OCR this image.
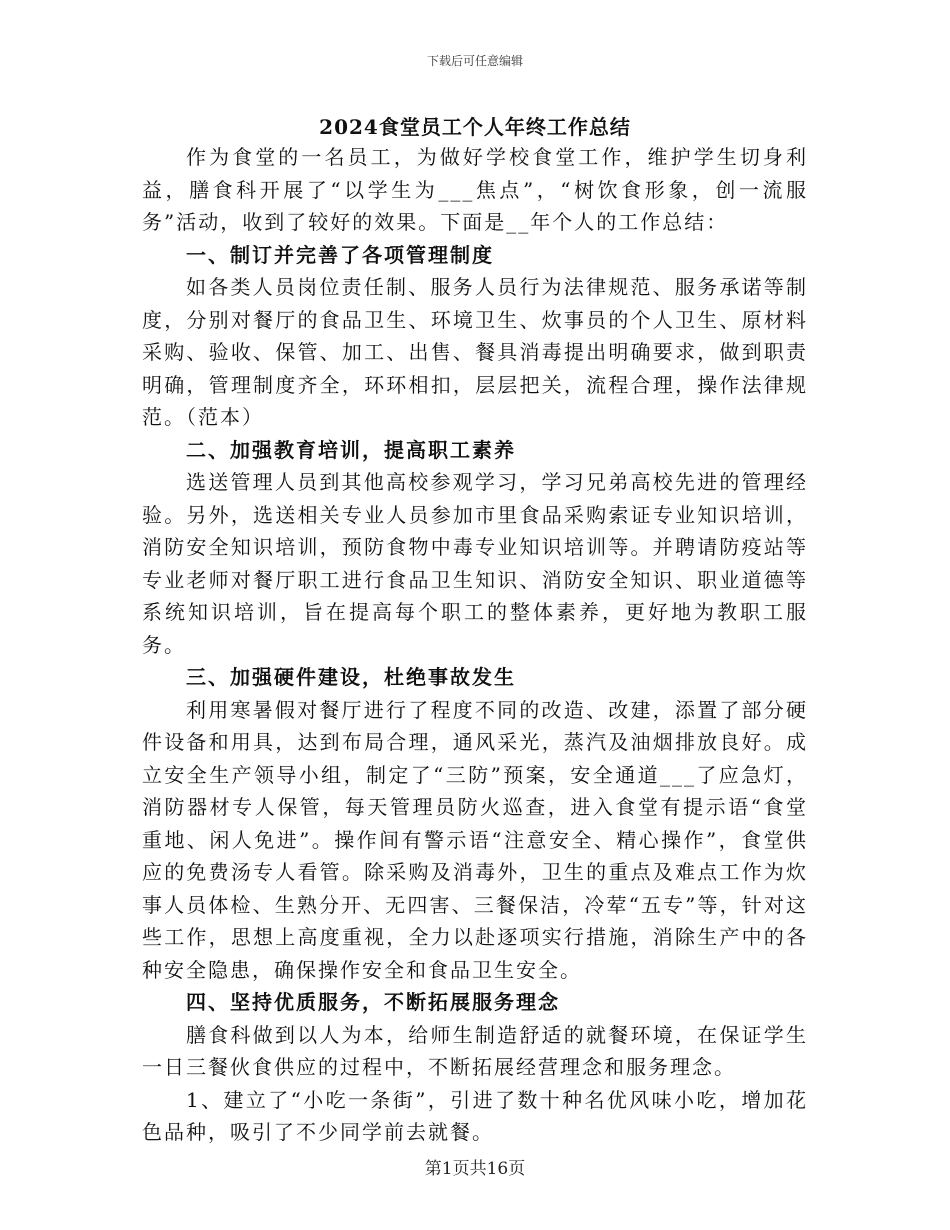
下载后可任意编辑
2024食堂员工个人年终工作总结

作为食堂的一名员工，为做好学校食堂工作，维护学生切身利益，膳食科开展了“以学生为___焦点”，“树饮食形象，创一流服务”活动，收到了较好的效果。下面是__年个人的工作总结：

一、制订并完善了各项管理制度

如各类人员岗位责任制、服务人员行为法律规范、服务承诺等制度，分别对餐厅的食品卫生、环境卫生、炊事员的个人卫生、原材料采购、验收、保管、加工、出售、餐具消毒提出明确要求，做到职责明确，管理制度齐全，环环相扣，层层把关，流程合理，操作法律规范。（范本）

二、加强教育培训，提高职工素养

选送管理人员到其他高校参观学习，学习兄弟高校先进的管理经验。另外，选送相关专业人员参加市里食品采购索证专业知识培训，消防安全知识培训，预防食物中毒专业知识培训等。并聘请防疫站等专业老师对餐厅职工进行食品卫生知识、消防安全知识、职业道德等系统知识培训，旨在提高每个职工的整体素养，更好地为教职工服务。

三、加强硬件建设，杜绝事故发生

利用寒暑假对餐厅进行了程度不同的改造、改建，添置了部分硬件设备和用具，达到布局合理，通风采光，蒸汽及油烟排放良好。成立安全生产领导小组，制定了“三防”预案，安全通道___了应急灯，消防器材专人保管，每天管理员防火巡查，进入食堂有提示语“食堂重地、闲人免进”。操作间有警示语“注意安全、精心操作”，食堂供应的免费汤专人看管。除采购及消毒外，卫生的重点及难点工作为炊事人员体检、生熟分开、无四害、三餐保洁，冷荤“五专”等，针对这些工作，思想上高度重视，全力以赴逐项实行措施，消除生产中的各种安全隐患，确保操作安全和食品卫生安全。

四、坚持优质服务，不断拓展服务理念

膳食科做到以人为本，给师生制造舒适的就餐环境，在保证学生一日三餐伙食供应的过程中，不断拓展经营理念和服务理念。

1、建立了“小吃一条街”，引进了数十种名优风味小吃，增加花色品种，吸引了不少同学前去就餐。

第1页共16页
